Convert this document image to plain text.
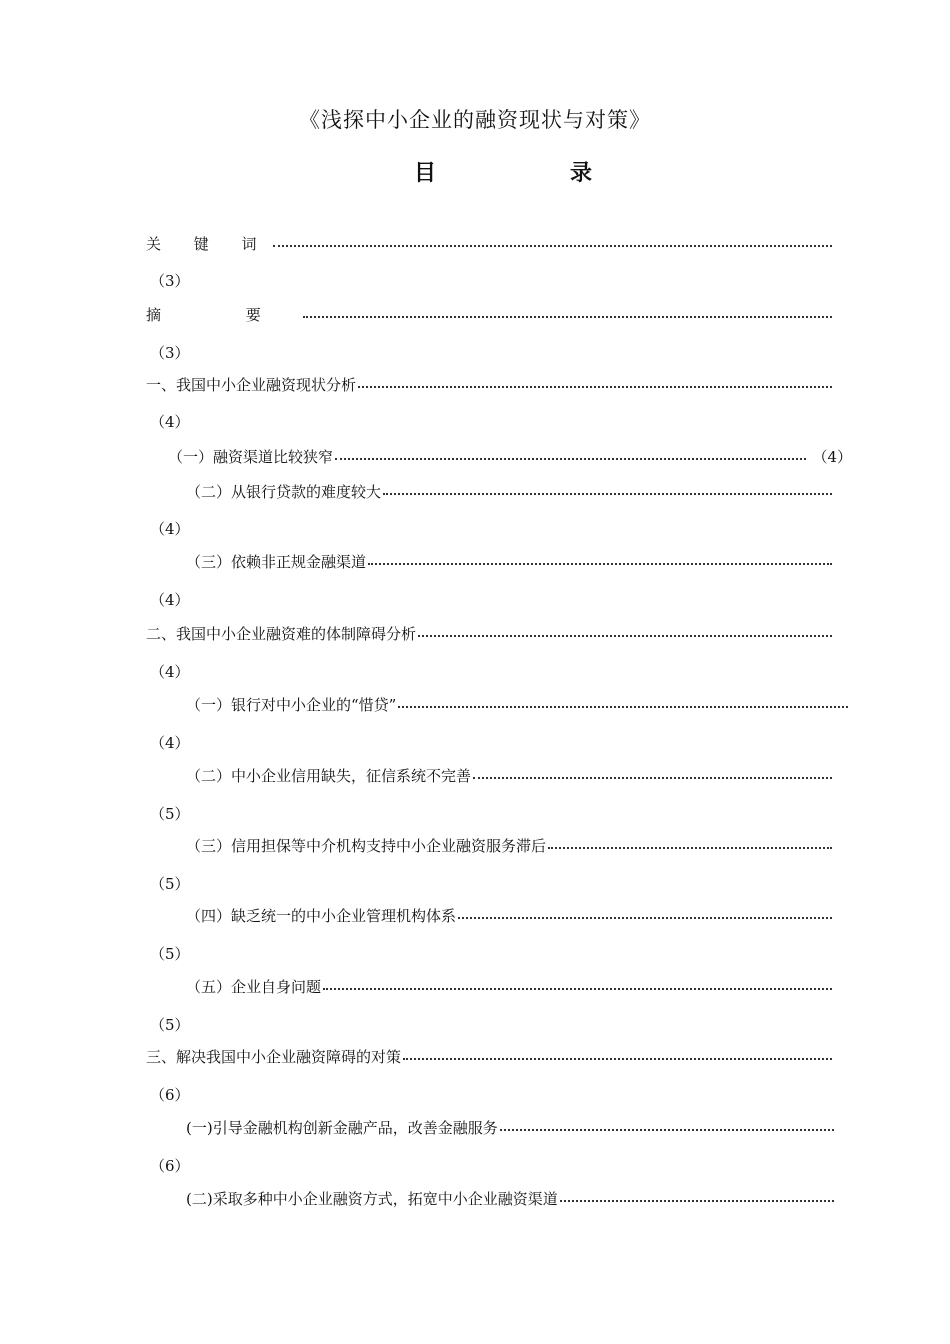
《浅探中小企业的融资现状与对策》
目	录
关 键 词
（3）
摘 要
（3）
一、我国中小企业融资现状分析
（4）
（一）融资渠道比较狭窄	（4）
（二）从银行贷款的难度较大
（4）
（三）依赖非正规金融渠道
（4）
二、我国中小企业融资难的体制障碍分析
（4）
（一）银行对中小企业的“惜贷”
（4）
（二）中小企业信用缺失，征信系统不完善
（5）
（三）信用担保等中介机构支持中小企业融资服务滞后
（5）
（四）缺乏统一的中小企业管理机构体系
（5）
（五）企业自身问题
（5）
三、解决我国中小企业融资障碍的对策
（6）
(一)引导金融机构创新金融产品，改善金融服务
（6）
(二)采取多种中小企业融资方式，拓宽中小企业融资渠道
